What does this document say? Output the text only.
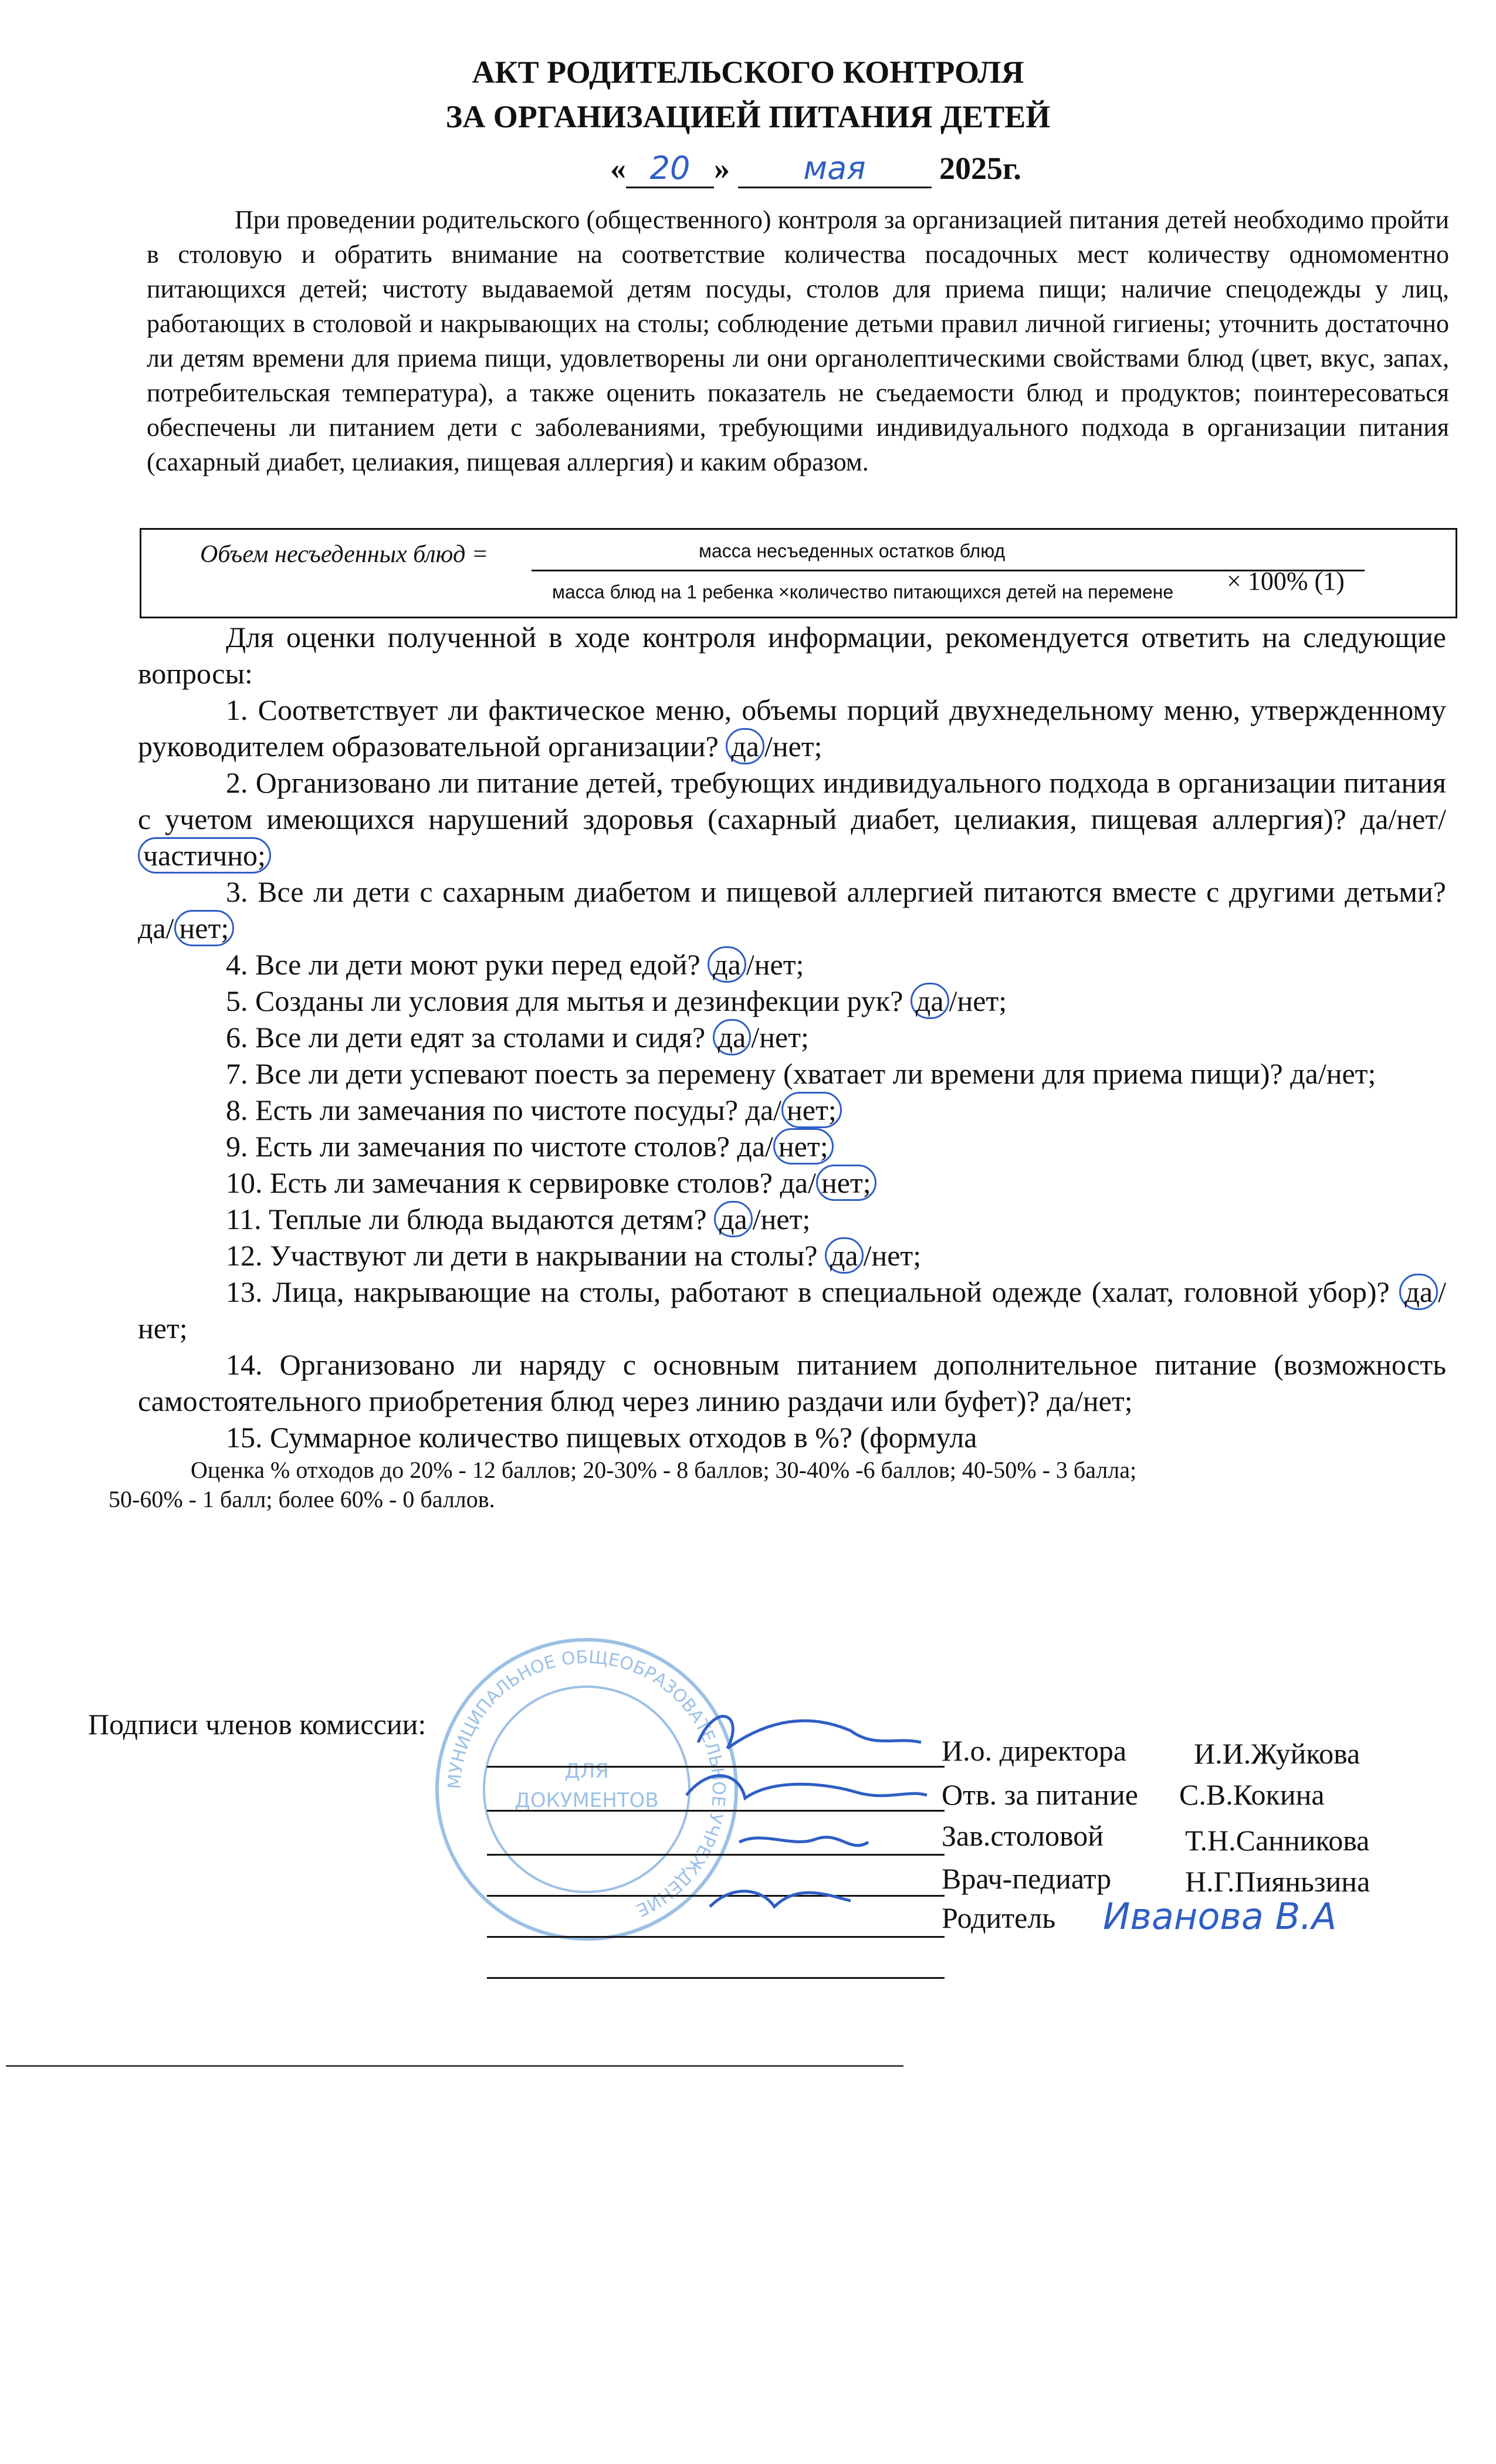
АКТ РОДИТЕЛЬСКОГО КОНТРОЛЯ
ЗА ОРГАНИЗАЦИЕЙ ПИТАНИЯ ДЕТЕЙ
« 20 » мая 2025г.
При проведении родительского (общественного) контроля за организацией питания детей необходимо пройти в столовую и обратить внимание на соответствие количества посадочных мест количеству одномоментно питающихся детей; чистоту выдаваемой детям посуды, столов для приема пищи; наличие спецодежды у лиц, работающих в столовой и накрывающих на столы; соблюдение детьми правил личной гигиены; уточнить достаточно ли детям времени для приема пищи, удовлетворены ли они органолептическими свойствами блюд (цвет, вкус, запах, потребительская температура), а также оценить показатель не съедаемости блюд и продуктов; поинтересоваться обеспечены ли питанием дети с заболеваниями, требующими индивидуального подхода в организации питания (сахарный диабет, целиакия, пищевая аллергия) и каким образом.
Объем несъеденных блюд =	масса несъеденных остатков блюд
масса блюд на 1 ребенка ×количество питающихся детей на перемене × 100% (1)

Для оценки полученной в ходе контроля информации, рекомендуется ответить на следующие вопросы:

1. Соответствует ли фактическое меню, объемы порций двухнедельному меню, утвержденному руководителем образовательной организации? да /нет;

2. Организовано ли питание детей, требующих индивидуального подхода в организации питания с учетом имеющихся нарушений здоровья (сахарный диабет, целиакия, пищевая аллергия)? да/нет/ частично;

3. Все ли дети с сахарным диабетом и пищевой аллергией питаются вместе с другими детьми? да/ нет;

4. Все ли дети моют руки перед едой? да /нет;

5. Созданы ли условия для мытья и дезинфекции рук? да /нет;

6. Все ли дети едят за столами и сидя? да /нет;

7. Все ли дети успевают поесть за перемену (хватает ли времени для приема пищи)? да/нет;

8. Есть ли замечания по чистоте посуды? да/ нет;

9. Есть ли замечания по чистоте столов? да/ нет;

10. Есть ли замечания к сервировке столов? да/ нет;

11. Теплые ли блюда выдаются детям? да /нет;

12. Участвуют ли дети в накрывании на столы? да /нет;

13. Лица, накрывающие на столы, работают в специальной одежде (халат, головной убор)? да /нет;

14. Организовано ли наряду с основным питанием дополнительное питание (возможность самостоятельного приобретения блюд через линию раздачи или буфет)? да/нет;

15. Суммарное количество пищевых отходов в %? (формула

Оценка % отходов до 20% - 12 баллов; 20-30% - 8 баллов; 30-40% -6 баллов; 40-50% - 3 балла;

50-60% - 1 балл; более 60% - 0 баллов.

МУНИЦИПАЛЬНОЕ ОБЩЕОБРАЗОВАТЕЛЬНОЕ УЧРЕЖДЕНИЕ
ДЛЯ
ДОКУМЕНТОВ
Подписи членов комиссии:
И.о. директора И.И.Жуйкова
Отв. за питание С.В.Кокина
Зав.столовой	Т.Н.Санникова
Врач-педиатр	Н.Г.Пияньзина
Родитель Иванова В.А
